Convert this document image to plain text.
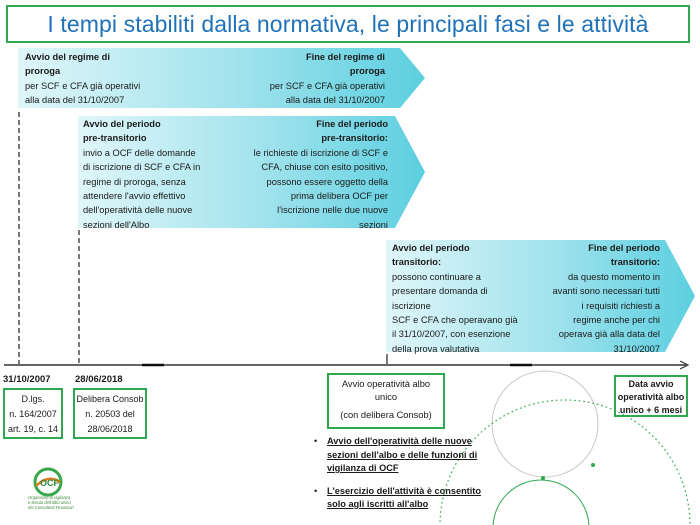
I tempi stabiliti dalla normativa, le principali fasi e le attività
Avvio del regime di
proroga
per SCF e CFA già operativi
alla data del 31/10/2007
Fine del regime di
proroga
per SCF e CFA già operativi
alla data del 31/10/2007
Avvio del periodo
pre-transitorio
invio a OCF delle domande
di iscrizione di SCF e CFA in
regime di proroga, senza
attendere l'avvio effettivo
dell'operatività delle nuove
sezioni dell'Albo
Fine del periodo
pre-transitorio:
le richieste di iscrizione di SCF e
CFA, chiuse con esito positivo,
possono essere oggetto della
prima delibera OCF per
l'iscrizione nelle due nuove
sezioni
Avvio del periodo
transitorio:
possono continuare a
presentare domanda di
iscrizione
SCF e CFA che operavano già
il 31/10/2007, con esenzione
della prova valutativa
Fine del periodo
transitorio:
da questo momento in
avanti sono necessari tutti
i requisiti richiesti a
regime anche per chi
operava già alla data del
31/10/2007
31/10/2007	28/06/2018
D.lgs.
n. 164/2007
art. 19, c. 14
Delibera Consob
n. 20503 del
28/06/2018
Avvio operatività albo
unico
(con delibera Consob)
Data avvio
operatività albo
unico + 6 mesi
• Avvio dell'operatività delle nuove
sezioni dell'albo e delle funzioni di
vigilanza di OCF
• L'esercizio dell'attività è consentito
solo agli iscritti all'albo
OCF
Organismo di vigilanza
e tenuta dell'albo unico
dei Consulenti Finanziari
